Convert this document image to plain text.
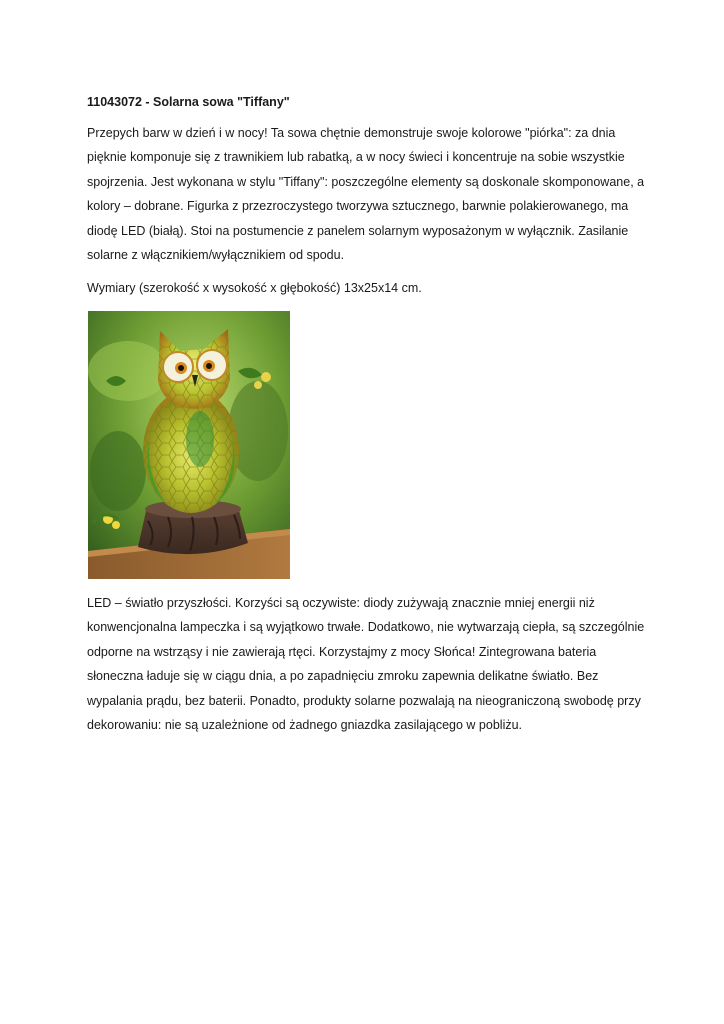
11043072 - Solarna sowa "Tiffany"

Przepych barw w dzień i w nocy! Ta sowa chętnie demonstruje swoje kolorowe "piórka": za dnia
pięknie komponuje się z trawnikiem lub rabatką, a w nocy świeci i koncentruje na sobie wszystkie
spojrzenia. Jest wykonana w stylu "Tiffany": poszczególne elementy są doskonale skomponowane, a
kolory – dobrane. Figurka z przezroczystego tworzywa sztucznego, barwnie polakierowanego, ma
diodę LED (białą). Stoi na postumencie z panelem solarnym wyposażonym w wyłącznik. Zasilanie
solarne z włącznikiem/wyłącznikiem od spodu.

Wymiary (szerokość x wysokość x głębokość) 13x25x14 cm.

LED – światło przyszłości. Korzyści są oczywiste: diody zużywają znacznie mniej energii niż
konwencjonalna lampeczka i są wyjątkowo trwałe. Dodatkowo, nie wytwarzają ciepła, są szczególnie
odporne na wstrząsy i nie zawierają rtęci. Korzystajmy z mocy Słońca! Zintegrowana bateria
słoneczna ładuje się w ciągu dnia, a po zapadnięciu zmroku zapewnia delikatne światło. Bez
wypalania prądu, bez baterii. Ponadto, produkty solarne pozwalają na nieograniczoną swobodę przy
dekorowaniu: nie są uzależnione od żadnego gniazdka zasilającego w pobliżu.
